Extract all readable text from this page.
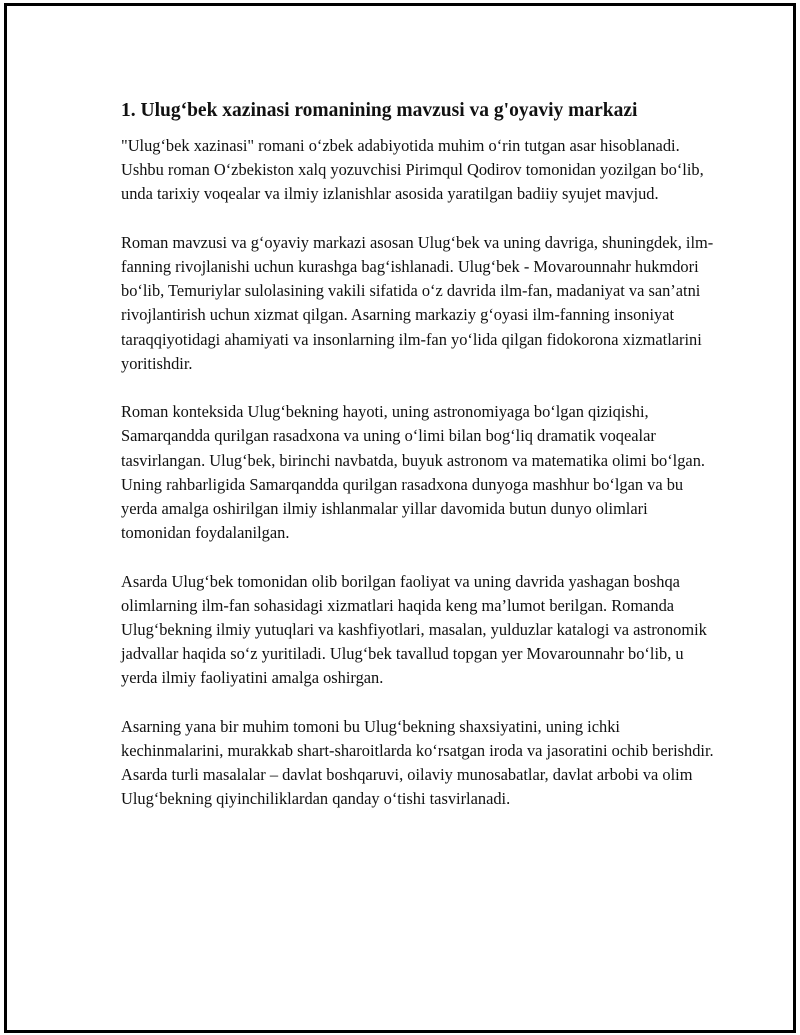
1. Ulug‘bek xazinasi romanining mavzusi va g'oyaviy markazi

"Ulug‘bek xazinasi" romani o‘zbek adabiyotida muhim o‘rin tutgan asar hisoblanadi. Ushbu roman O‘zbekiston xalq yozuvchisi Pirimqul Qodirov tomonidan yozilgan bo‘lib, unda tarixiy voqealar va ilmiy izlanishlar asosida yaratilgan badiiy syujet mavjud.

Roman mavzusi va g‘oyaviy markazi asosan Ulug‘bek va uning davriga, shuningdek, ilm-fanning rivojlanishi uchun kurashga bag‘ishlanadi. Ulug‘bek - Movarounnahr hukmdori bo‘lib, Temuriylar sulolasining vakili sifatida o‘z davrida ilm-fan, madaniyat va san’atni rivojlantirish uchun xizmat qilgan. Asarning markaziy g‘oyasi ilm-fanning insoniyat taraqqiyotidagi ahamiyati va insonlarning ilm-fan yo‘lida qilgan fidokorona xizmatlarini yoritishdir.

Roman konteksida Ulug‘bekning hayoti, uning astronomiyaga bo‘lgan qiziqishi, Samarqandda qurilgan rasadxona va uning o‘limi bilan bog‘liq dramatik voqealar tasvirlangan. Ulug‘bek, birinchi navbatda, buyuk astronom va matematika olimi bo‘lgan. Uning rahbarligida Samarqandda qurilgan rasadxona dunyoga mashhur bo‘lgan va bu yerda amalga oshirilgan ilmiy ishlanmalar yillar davomida butun dunyo olimlari tomonidan foydalanilgan.

Asarda Ulug‘bek tomonidan olib borilgan faoliyat va uning davrida yashagan boshqa olimlarning ilm-fan sohasidagi xizmatlari haqida keng ma’lumot berilgan. Romanda Ulug‘bekning ilmiy yutuqlari va kashfiyotlari, masalan, yulduzlar katalogi va astronomik jadvallar haqida so‘z yuritiladi. Ulug‘bek tavallud topgan yer Movarounnahr bo‘lib, u yerda ilmiy faoliyatini amalga oshirgan.

Asarning yana bir muhim tomoni bu Ulug‘bekning shaxsiyatini, uning ichki kechinmalarini, murakkab shart-sharoitlarda ko‘rsatgan iroda va jasoratini ochib berishdir. Asarda turli masalalar – davlat boshqaruvi, oilaviy munosabatlar, davlat arbobi va olim Ulug‘bekning qiyinchiliklardan qanday o‘tishi tasvirlanadi.
